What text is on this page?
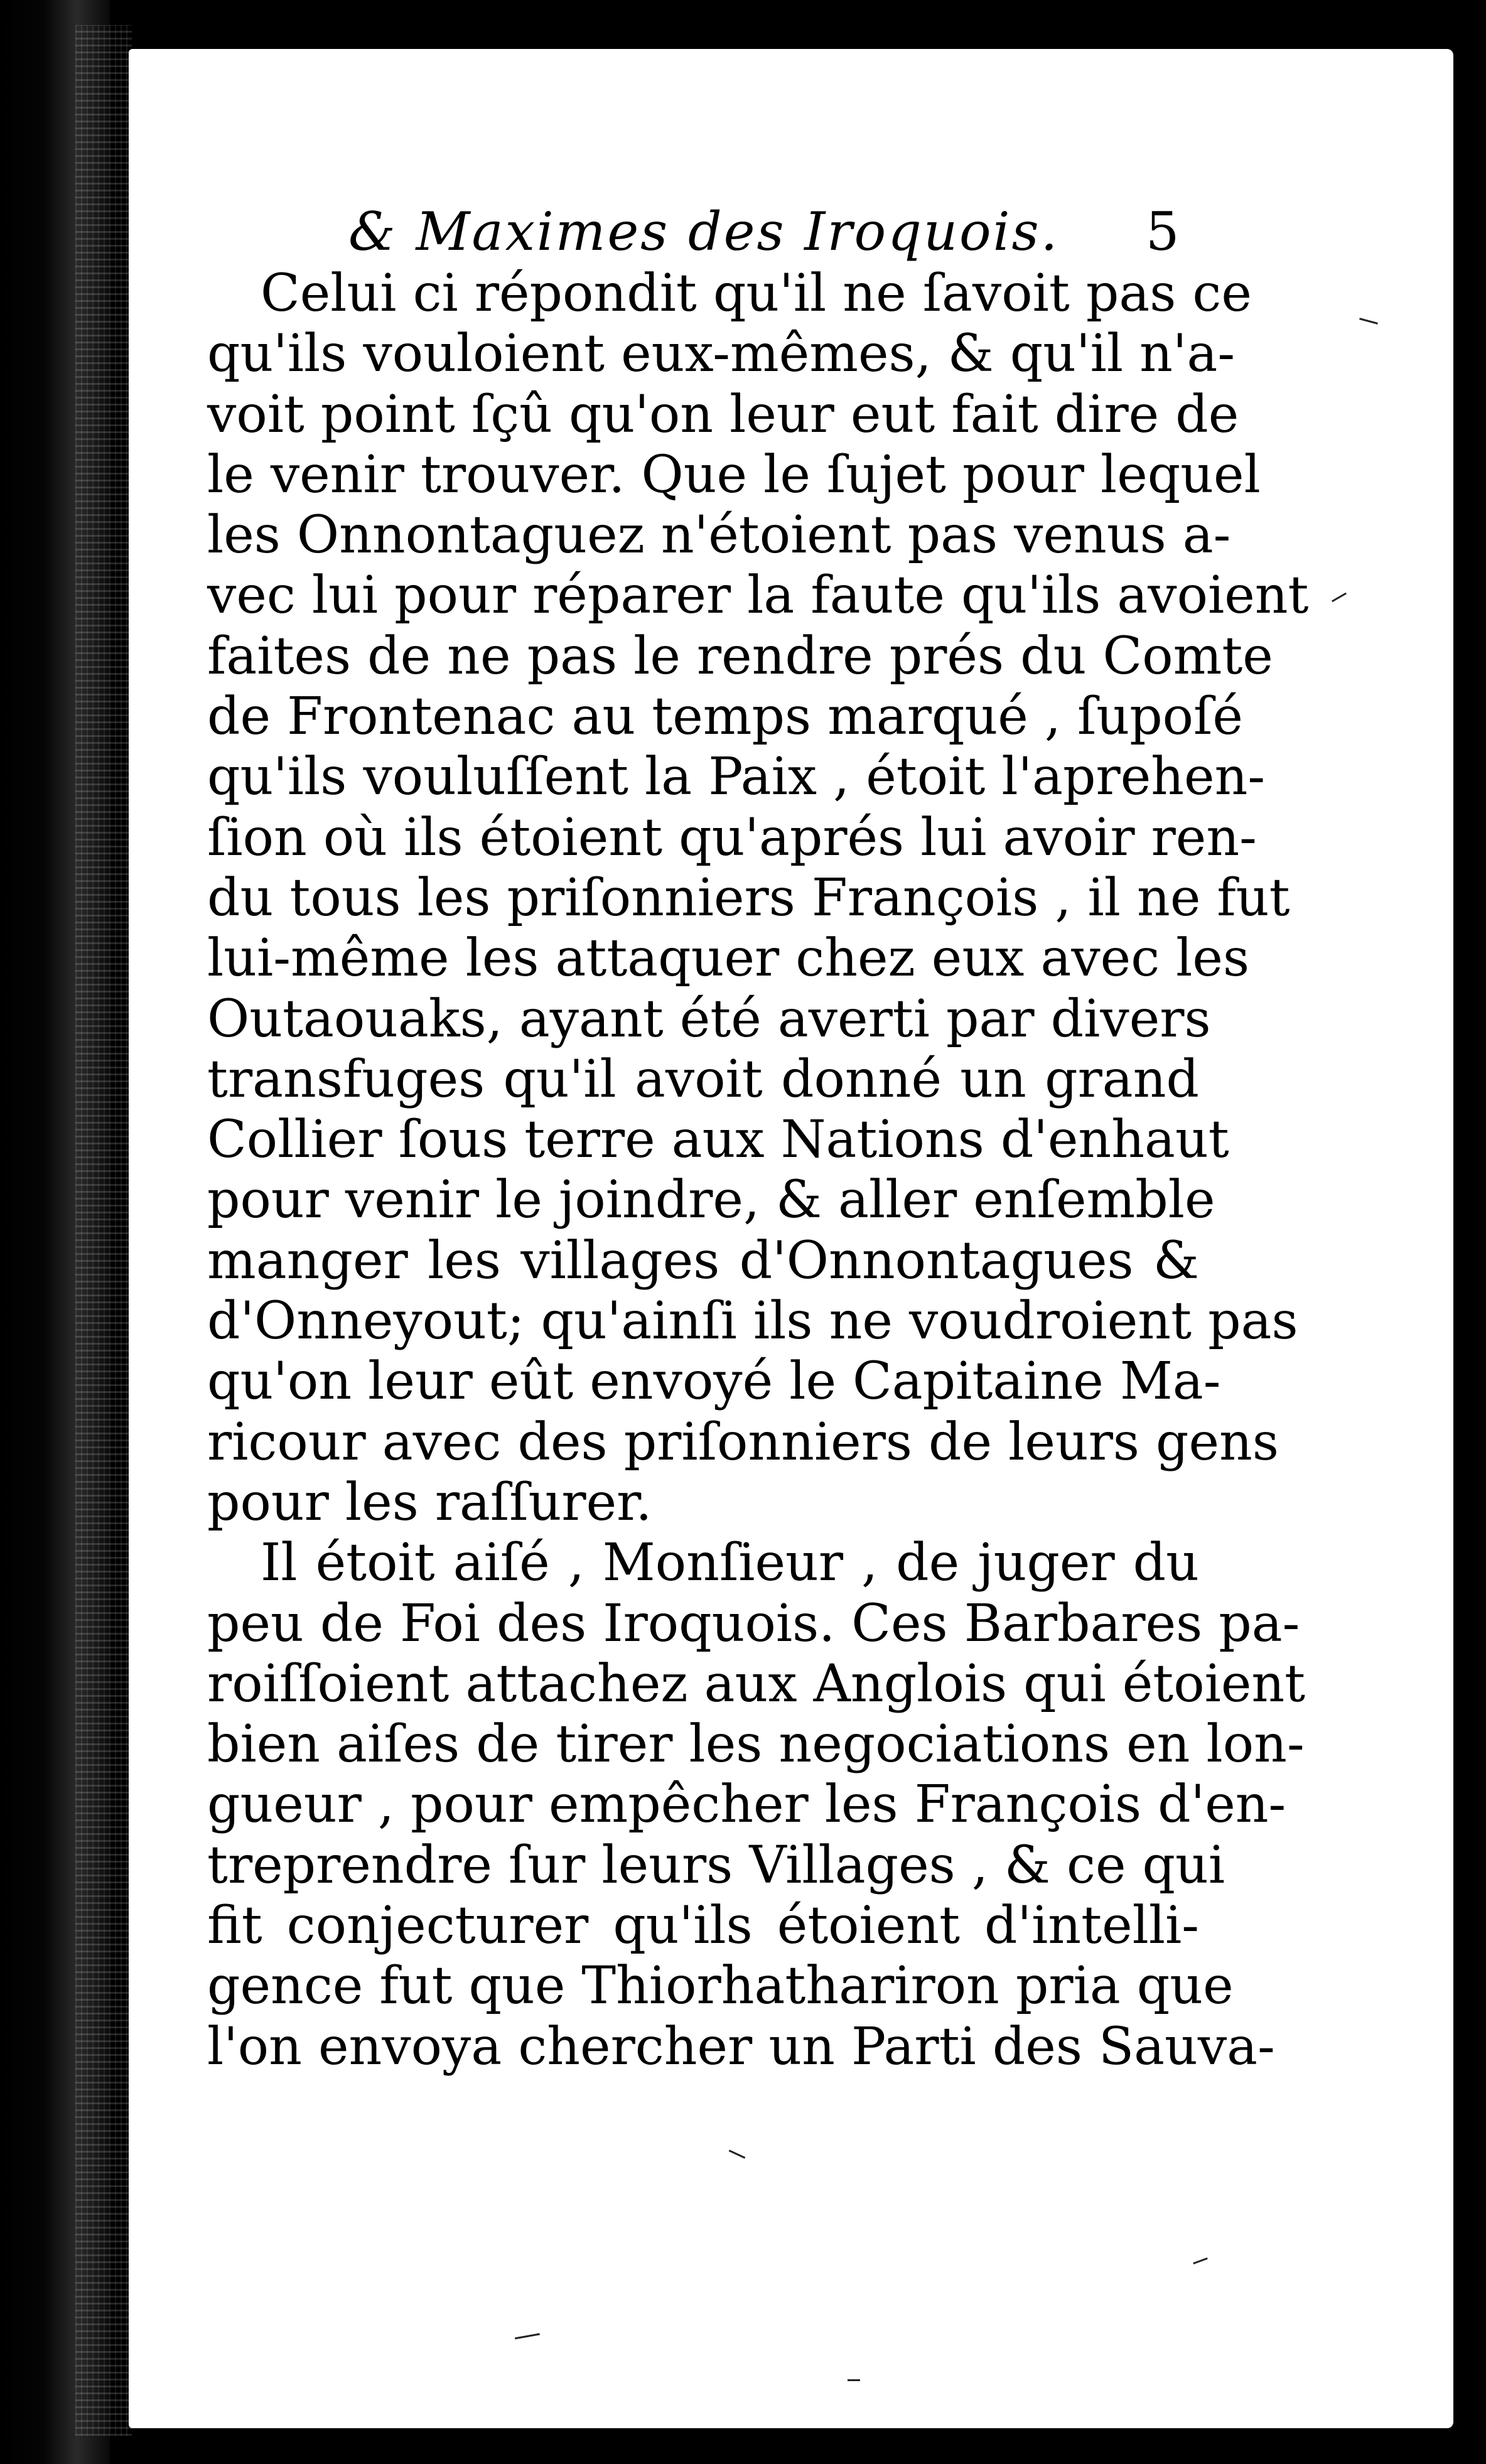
& Maximes des Iroquois. 5
Celui ci répondit qu'il ne ſavoit pas ce
qu'ils vouloient eux-mêmes, & qu'il n'a-
voit point ſçû qu'on leur eut fait dire de
le venir trouver. Que le ſujet pour lequel
les Onnontaguez n'étoient pas venus a-
vec lui pour réparer la faute qu'ils avoient
faites de ne pas le rendre prés du Comte
de Frontenac au temps marqué , ſupoſé
qu'ils vouluſſent la Paix , étoit l'aprehen-
ſion où ils étoient qu'aprés lui avoir ren-
du tous les priſonniers François , il ne fut
lui-même les attaquer chez eux avec les
Outaouaks, ayant été averti par divers
transfuges qu'il avoit donné un grand
Collier ſous terre aux Nations d'enhaut
pour venir le joindre, & aller enſemble
manger les villages d'Onnontagues &
d'Onneyout; qu'ainſi ils ne voudroient pas
qu'on leur eût envoyé le Capitaine Ma-
ricour avec des priſonniers de leurs gens
pour les raſſurer.
Il étoit aiſé , Monſieur , de juger du
peu de Foi des Iroquois. Ces Barbares pa-
roiſſoient attachez aux Anglois qui étoient
bien aiſes de tirer les negociations en lon-
gueur , pour empêcher les François d'en-
treprendre ſur leurs Villages , & ce qui
fit conjecturer qu'ils étoient d'intelli-
gence fut que Thiorhathariron pria que
l'on envoya chercher un Parti des Sauva-
